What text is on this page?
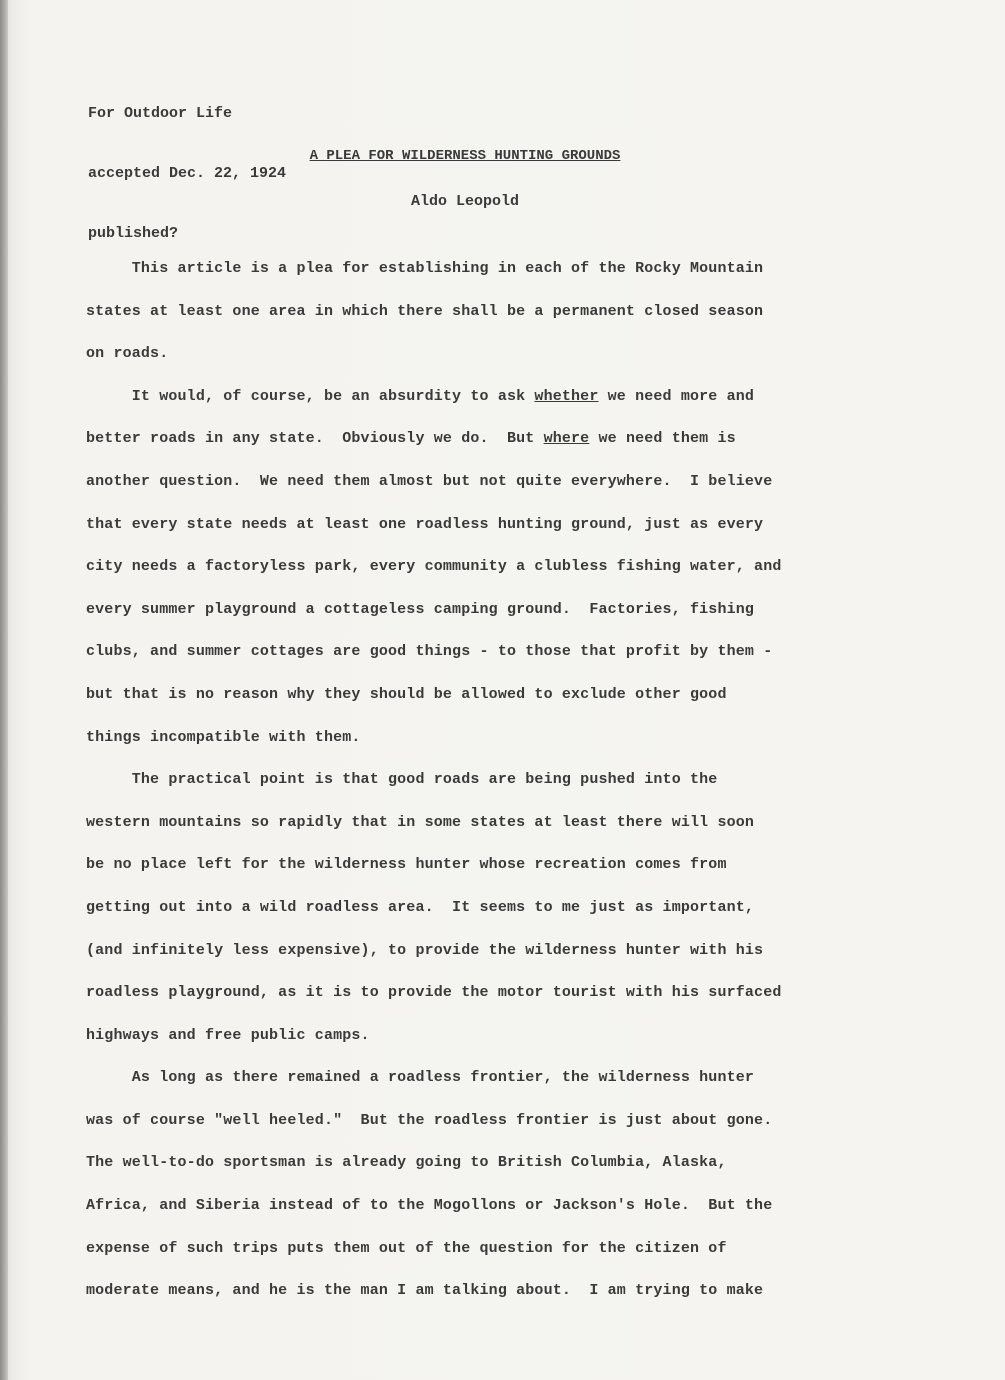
For Outdoor Life

accepted Dec. 22, 1924

published?

A PLEA FOR WILDERNESS HUNTING GROUNDS
Aldo Leopold
This article is a plea for establishing in each of the Rocky Mountain
states at least one area in which there shall be a permanent closed season
on roads.
It would, of course, be an absurdity to ask whether we need more and
better roads in any state.  Obviously we do.  But where we need them is
another question.  We need them almost but not quite everywhere.  I believe
that every state needs at least one roadless hunting ground, just as every
city needs a factoryless park, every community a clubless fishing water, and
every summer playground a cottageless camping ground.  Factories, fishing
clubs, and summer cottages are good things - to those that profit by them -
but that is no reason why they should be allowed to exclude other good
things incompatible with them.
The practical point is that good roads are being pushed into the
western mountains so rapidly that in some states at least there will soon
be no place left for the wilderness hunter whose recreation comes from
getting out into a wild roadless area.  It seems to me just as important,
(and infinitely less expensive), to provide the wilderness hunter with his
roadless playground, as it is to provide the motor tourist with his surfaced
highways and free public camps.
As long as there remained a roadless frontier, the wilderness hunter
was of course "well heeled."  But the roadless frontier is just about gone.
The well-to-do sportsman is already going to British Columbia, Alaska,
Africa, and Siberia instead of to the Mogollons or Jackson's Hole.  But the
expense of such trips puts them out of the question for the citizen of
moderate means, and he is the man I am talking about.  I am trying to make
